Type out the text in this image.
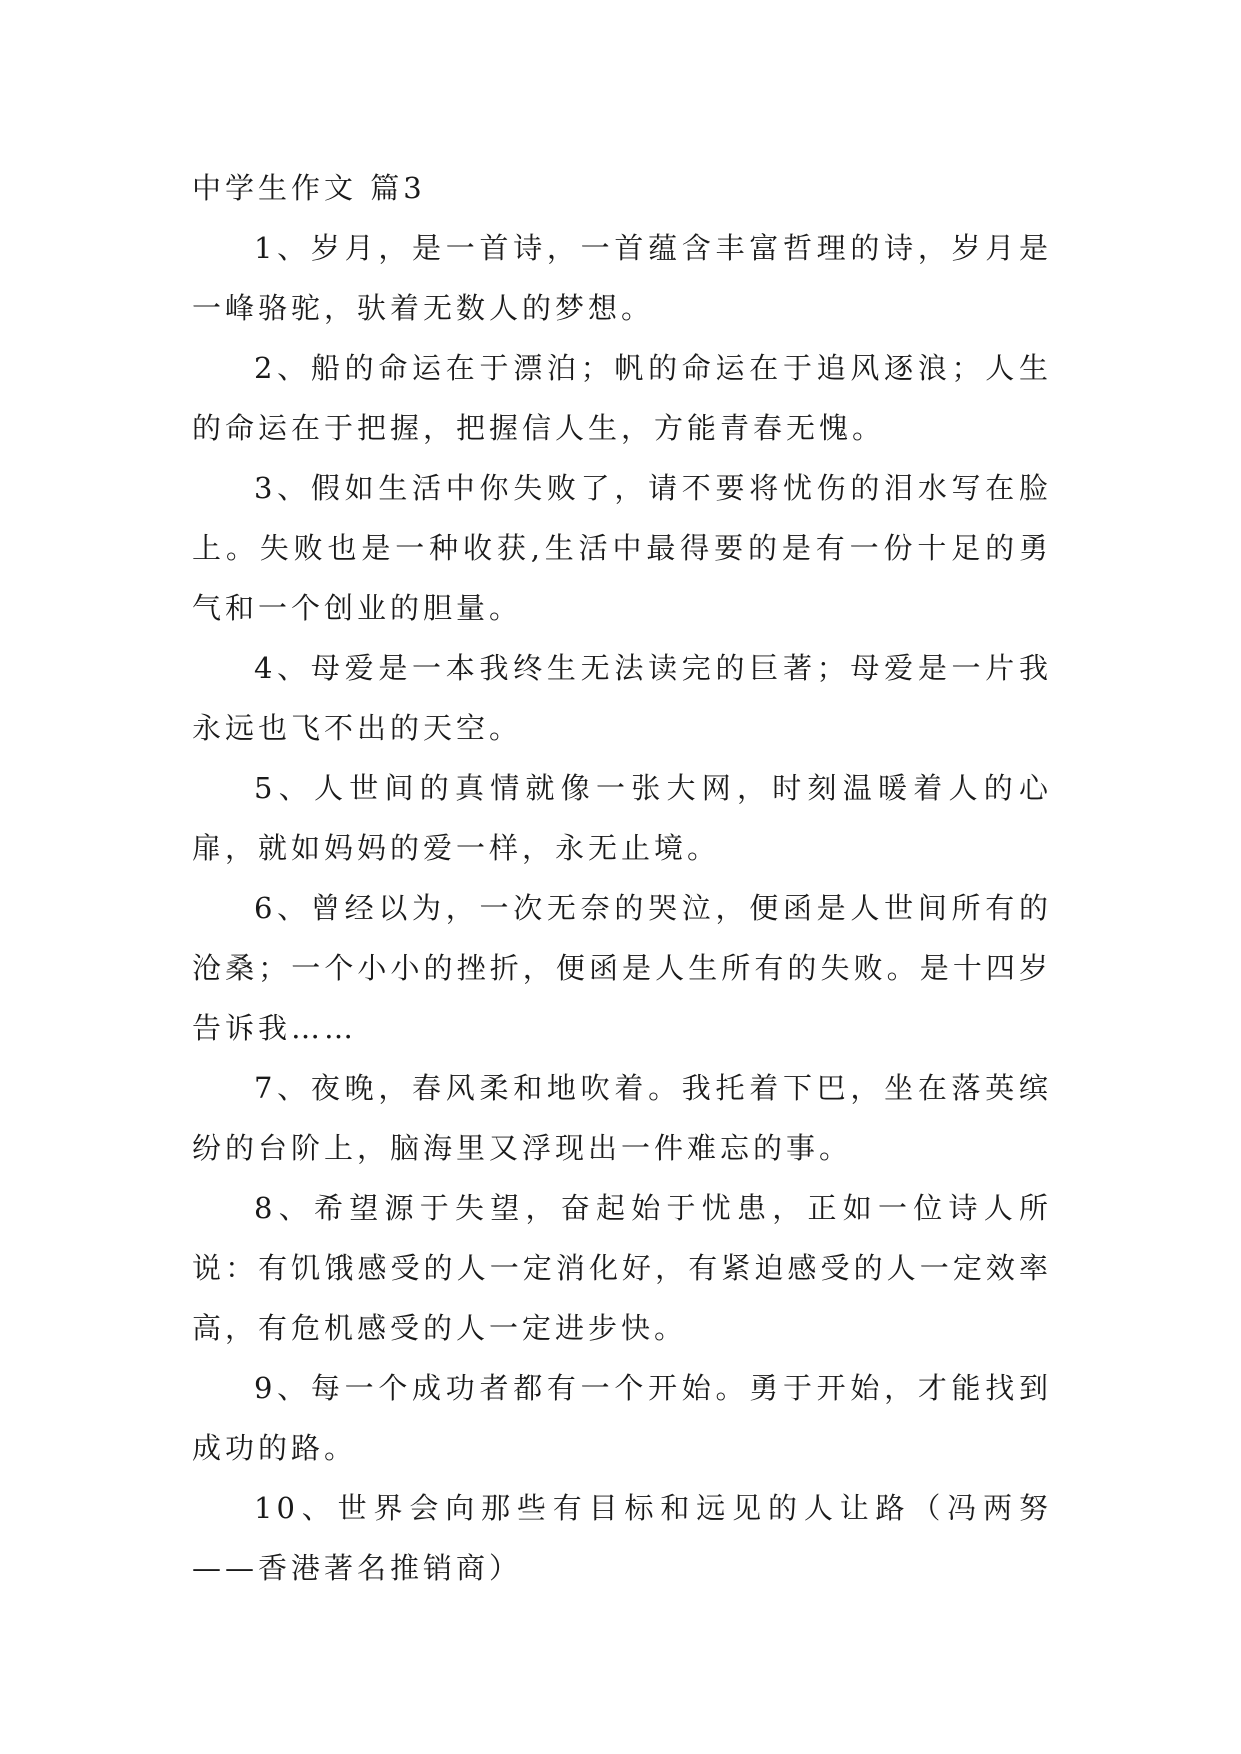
中学生作文 篇3

1、岁月，是一首诗，一首蕴含丰富哲理的诗，岁月是一峰骆驼，驮着无数人的梦想。

2、船的命运在于漂泊；帆的命运在于追风逐浪；人生的命运在于把握，把握信人生，方能青春无愧。

3、假如生活中你失败了，请不要将忧伤的泪水写在脸上。失败也是一种收获,生活中最得要的是有一份十足的勇气和一个创业的胆量。

4、母爱是一本我终生无法读完的巨著；母爱是一片我永远也飞不出的天空。

5、人世间的真情就像一张大网，时刻温暖着人的心扉，就如妈妈的爱一样，永无止境。

6、曾经以为，一次无奈的哭泣，便函是人世间所有的沧桑；一个小小的挫折，便函是人生所有的失败。是十四岁告诉我……

7、夜晚，春风柔和地吹着。我托着下巴，坐在落英缤纷的台阶上，脑海里又浮现出一件难忘的事。

8、希望源于失望，奋起始于忧患，正如一位诗人所说：有饥饿感受的人一定消化好，有紧迫感受的人一定效率高，有危机感受的人一定进步快。

9、每一个成功者都有一个开始。勇于开始，才能找到成功的路。

10、世界会向那些有目标和远见的人让路（冯两努——香港著名推销商）
